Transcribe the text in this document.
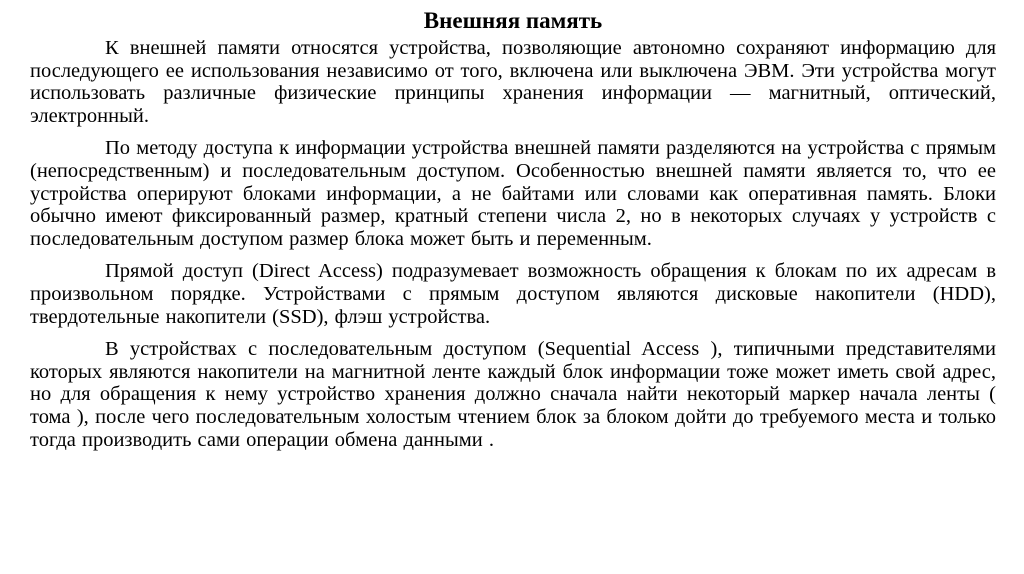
Внешняя память

К внешней памяти относятся устройства, позволяющие автономно сохраняют информацию для последующего ее использования независимо от того, включена или выключена ЭВМ. Эти устройства могут использовать различные физические принципы хранения информации — магнитный, оптический, электронный.

По методу доступа к информации устройства внешней памяти разделяются на устройства с прямым (непосредственным) и последовательным доступом. Особенностью внешней памяти является то, что ее устройства оперируют блоками информации, а не байтами или словами как оперативная память. Блоки обычно имеют фиксированный размер, кратный степени числа 2, но в некоторых случаях у устройств с последовательным доступом размер блока может быть и переменным.

Прямой доступ (Direct Access) подразумевает возможность обращения к блокам по их адресам в произвольном порядке. Устройствами с прямым доступом являются дисковые накопители (HDD), твердотельные накопители (SSD), флэш устройства.

В устройствах с последовательным доступом (Sequential Access ), типичными представителями которых являются накопители на магнитной ленте каждый блок информации тоже может иметь свой адрес, но для обращения к нему устройство хранения должно сначала найти некоторый маркер начала ленты ( тома ), после чего последовательным холостым чтением блок за блоком дойти до требуемого места и только тогда производить сами операции обмена данными .
